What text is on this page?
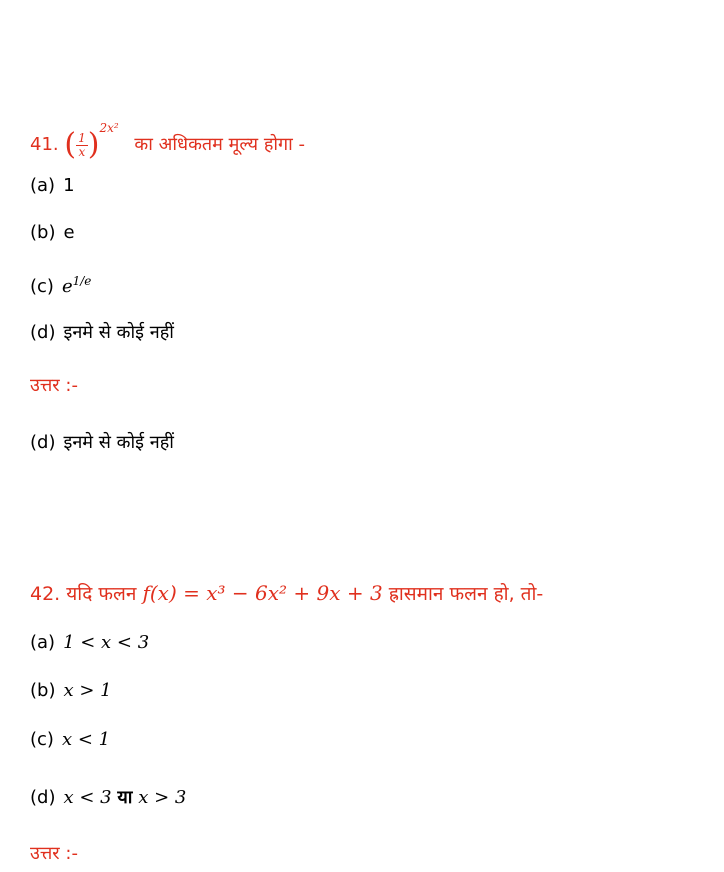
41. ( $\frac{1}{x} )^{2x^2}$ का अधिकतम मूल्य होगा -
(a) 1
(b) e
(c) $e^{1/e}$
(d) इनमे से कोई नहीं
उत्तर :-
(d) इनमे से कोई नहीं
42. यदि फलन f(x) = x³ − 6x² + 9x + 3 ह्रासमान फलन हो, तो-
(a) 1 < x < 3
(b) x > 1
(c) x < 1
(d) x < 3 या x > 3
उत्तर :-
